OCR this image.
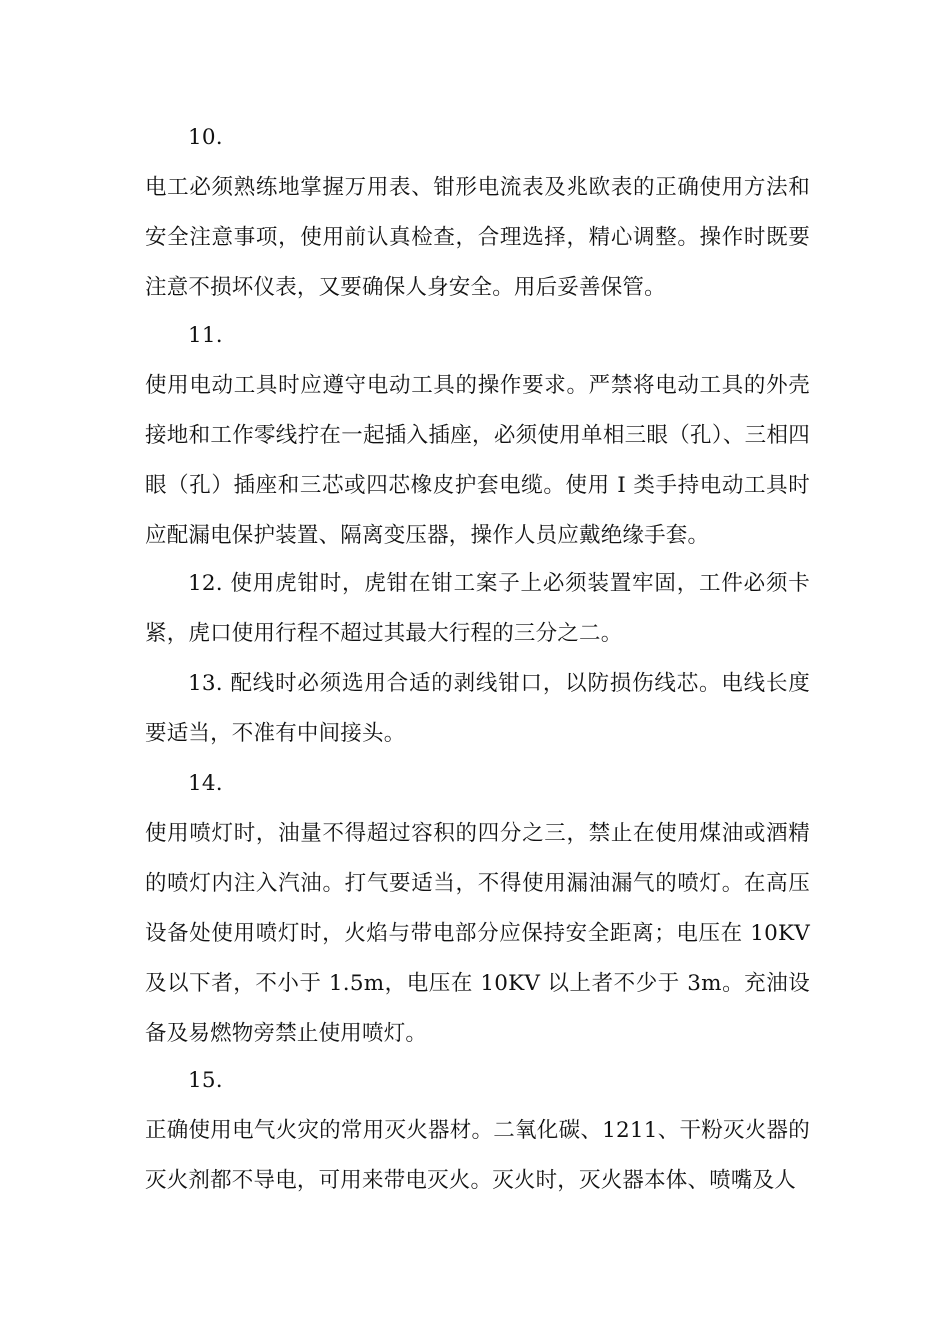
10.

电工必须熟练地掌握万用表、钳形电流表及兆欧表的正确使用方法和安全注意事项，使用前认真检查，合理选择，精心调整。操作时既要注意不损坏仪表，又要确保人身安全。用后妥善保管。

11.

使用电动工具时应遵守电动工具的操作要求。严禁将电动工具的外壳接地和工作零线拧在一起插入插座，必须使用单相三眼（孔）、三相四眼（孔）插座和三芯或四芯橡皮护套电缆。使用 I 类手持电动工具时应配漏电保护装置、隔离变压器，操作人员应戴绝缘手套。

12. 使用虎钳时，虎钳在钳工案子上必须装置牢固，工件必须卡紧，虎口使用行程不超过其最大行程的三分之二。

13. 配线时必须选用合适的剥线钳口，以防损伤线芯。电线长度要适当，不准有中间接头。

14.

使用喷灯时，油量不得超过容积的四分之三，禁止在使用煤油或酒精的喷灯内注入汽油。打气要适当，不得使用漏油漏气的喷灯。在高压设备处使用喷灯时，火焰与带电部分应保持安全距离；电压在 10KV 及以下者，不小于 1.5m，电压在 10KV 以上者不少于 3m。充油设备及易燃物旁禁止使用喷灯。

15.

正确使用电气火灾的常用灭火器材。二氧化碳、1211、干粉灭火器的灭火剂都不导电，可用来带电灭火。灭火时，灭火器本体、喷嘴及人
